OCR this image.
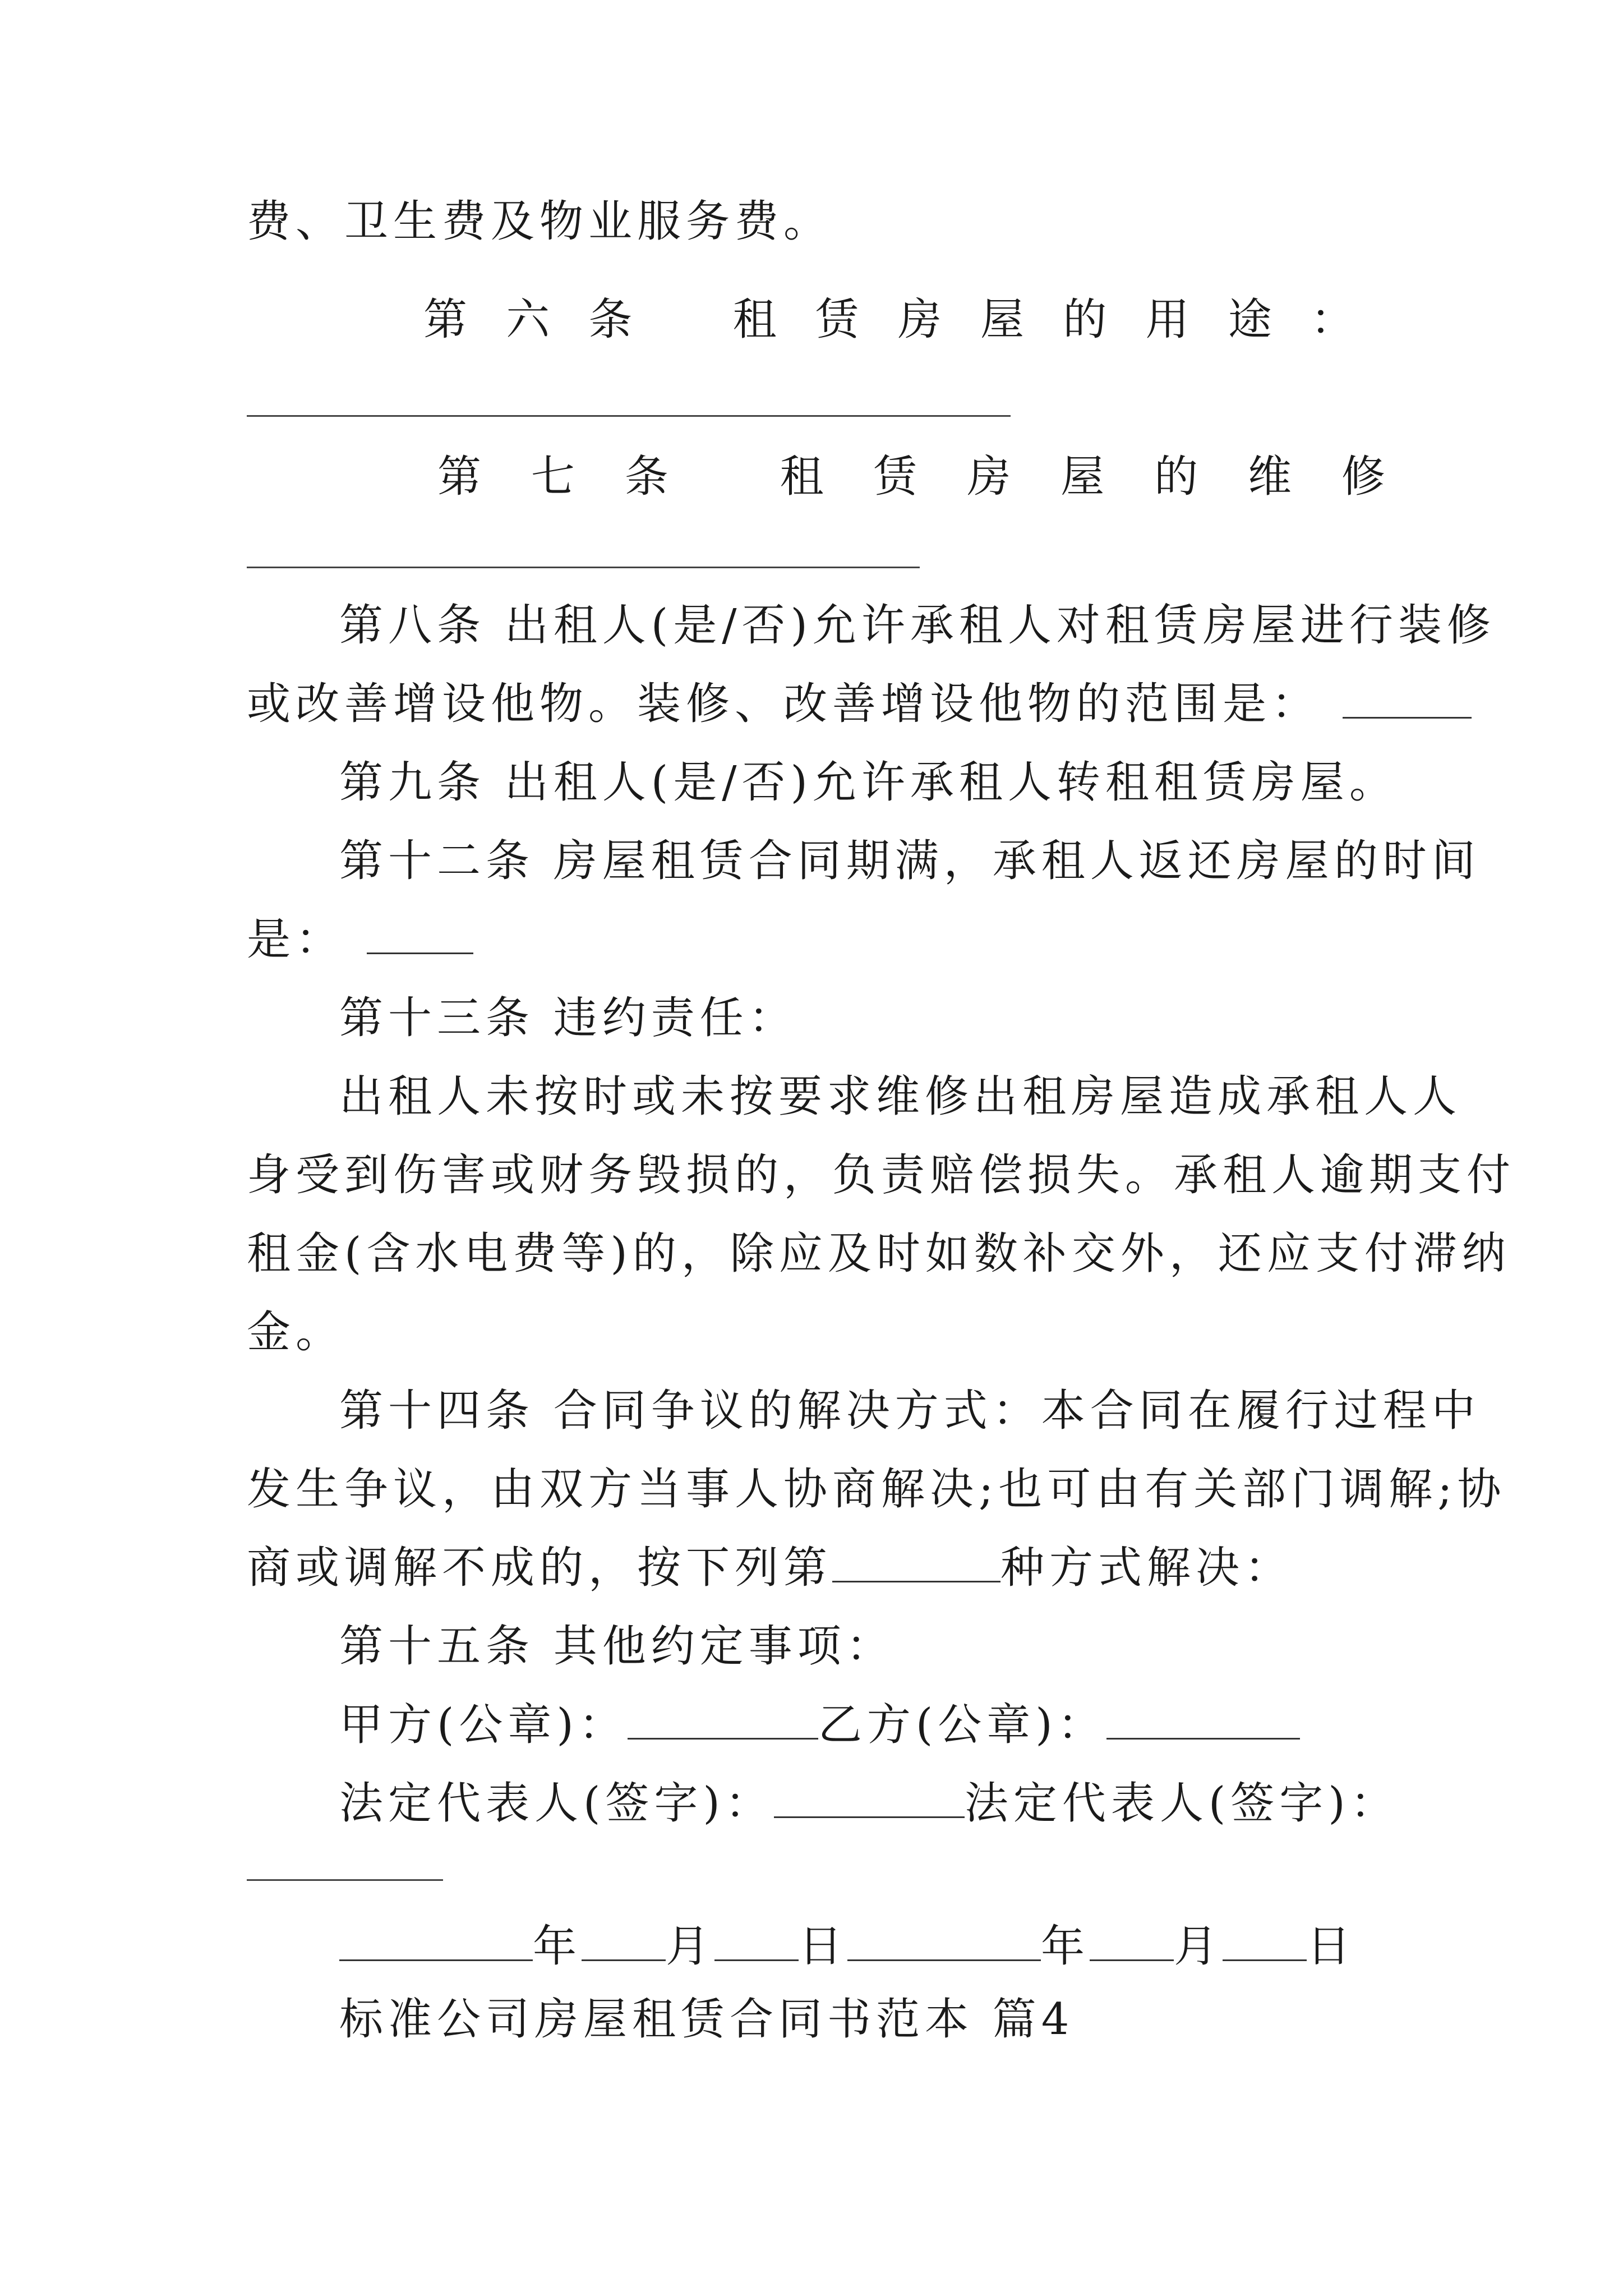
费、卫生费及物业服务费。
第 六 条 租 赁 房 屋 的 用 途 ：
第 七 条 租 赁 房 屋 的 维 修
第八条 出租人(是/否)允许承租人对租赁房屋进行装修
或改善增设他物。装修、改善增设他物的范围是：
第九条 出租人(是/否)允许承租人转租租赁房屋。
第十二条 房屋租赁合同期满，承租人返还房屋的时间
是：
第十三条 违约责任：
出租人未按时或未按要求维修出租房屋造成承租人人
身受到伤害或财务毁损的，负责赔偿损失。承租人逾期支付
租金(含水电费等)的，除应及时如数补交外，还应支付滞纳
金。
第十四条 合同争议的解决方式：本合同在履行过程中
发生争议，由双方当事人协商解决;也可由有关部门调解;协
商或调解不成的，按下列第	种方式解决：
第十五条 其他约定事项：
甲方(公章)：	乙方(公章)：
法定代表人(签字)：	法定代表人(签字)：
年 月 日	年 月 日
标准公司房屋租赁合同书范本 篇4
